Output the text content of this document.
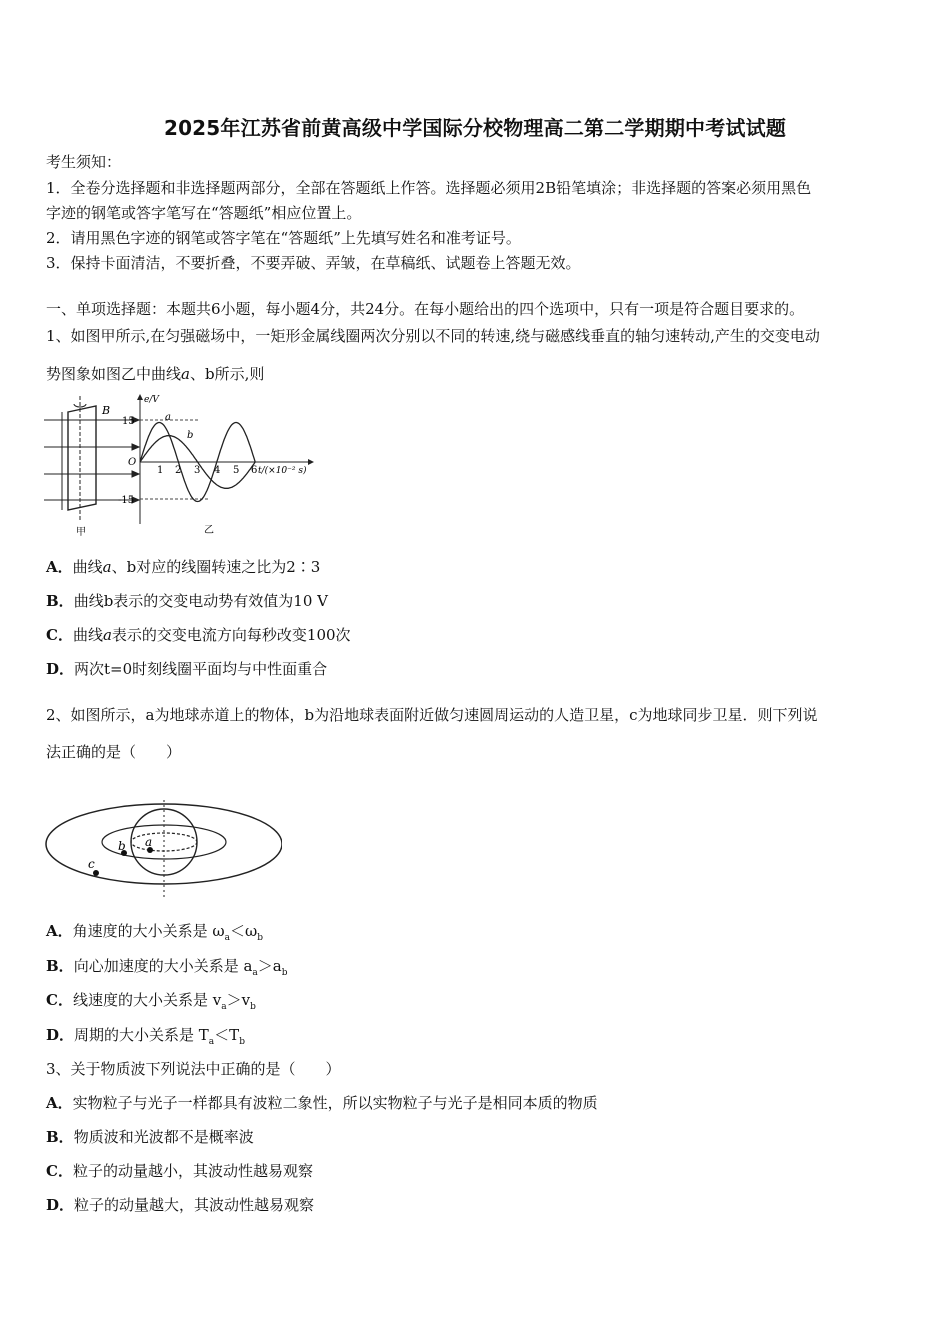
2025年江苏省前黄高级中学国际分校物理高二第二学期期中考试试题
考生须知：
1．全卷分选择题和非选择题两部分，全部在答题纸上作答。选择题必须用2B铅笔填涂；非选择题的答案必须用黑色
字迹的钢笔或答字笔写在“答题纸”相应位置上。
2．请用黑色字迹的钢笔或答字笔在“答题纸”上先填写姓名和准考证号。
3．保持卡面清洁，不要折叠，不要弄破、弄皱，在草稿纸、试题卷上答题无效。
一、单项选择题：本题共6小题，每小题4分，共24分。在每小题给出的四个选项中，只有一项是符合题目要求的。
1、如图甲所示,在匀强磁场中，一矩形金属线圈两次分别以不同的转速,绕与磁感线垂直的轴匀速转动,产生的交变电动
势图象如图乙中曲线a、b所示,则
B
甲
e/V
15
-15
O
a
b
1 2 3 4 5 6 t/(×10⁻² s)
乙
A．曲线a、b对应的线圈转速之比为2∶3
B．曲线b表示的交变电动势有效值为10 V
C．曲线a表示的交变电流方向每秒改变100次
D．两次t=0时刻线圈平面均与中性面重合
2、如图所示，a为地球赤道上的物体，b为沿地球表面附近做匀速圆周运动的人造卫星，c为地球同步卫星．则下列说
法正确的是（　　）
a
b
c
A．角速度的大小关系是 $\omega_a<\omega_b$
B．向心加速度的大小关系是 $a_a>a_b$
C．线速度的大小关系是 $v_a>v_b$
D．周期的大小关系是 $T_a<T_b$
3、关于物质波下列说法中正确的是（　　）
A．实物粒子与光子一样都具有波粒二象性，所以实物粒子与光子是相同本质的物质
B．物质波和光波都不是概率波
C．粒子的动量越小，其波动性越易观察
D．粒子的动量越大，其波动性越易观察
